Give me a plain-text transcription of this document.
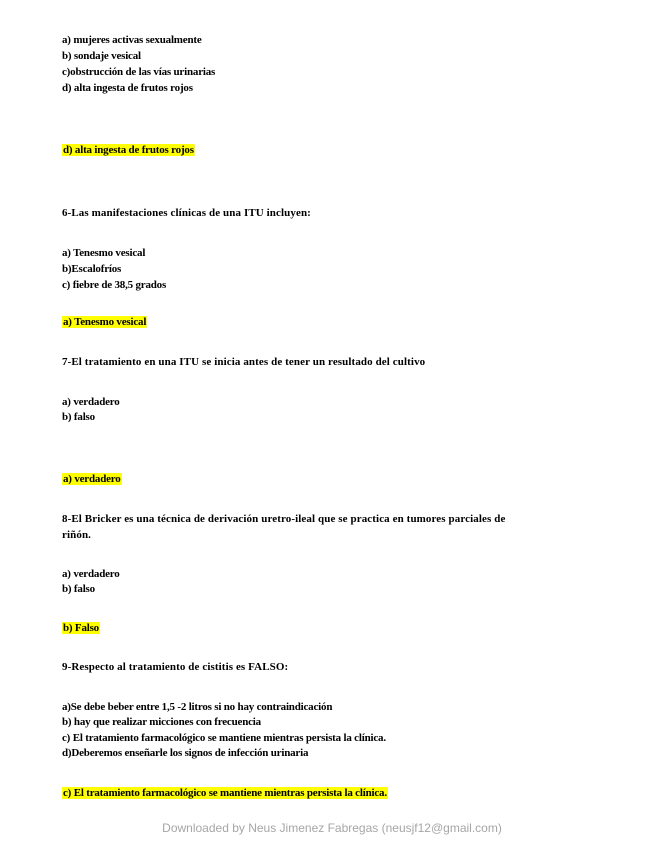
a) mujeres activas sexualmente
b) sondaje vesical
c)obstrucción de las vías urinarias
d) alta ingesta de frutos rojos
d) alta ingesta de frutos rojos
6-Las manifestaciones clínicas de una ITU incluyen:
a) Tenesmo vesical
b)Escalofríos
c) fiebre de 38,5 grados
a) Tenesmo vesical
7-El tratamiento en una ITU se inicia antes de tener un resultado del cultivo
a) verdadero
b) falso
a) verdadero
8-El Bricker es una técnica de derivación uretro-ileal que se practica en tumores parciales de
riñón.
a) verdadero
b) falso
b) Falso
9-Respecto al tratamiento de cistitis es FALSO:
a)Se debe beber entre 1,5 -2 litros si no hay contraindicación
b) hay que realizar micciones con frecuencia
c) El tratamiento farmacológico se mantiene mientras persista la clínica.
d)Deberemos enseñarle los signos de infección urinaria
c) El tratamiento farmacológico se mantiene mientras persista la clínica.
Downloaded by Neus Jimenez Fabregas (neusjf12@gmail.com)
